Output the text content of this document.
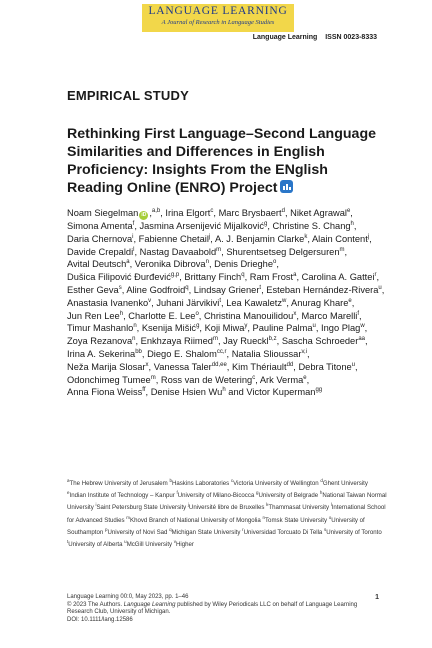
LANGUAGE LEARNING
A Journal of Research in Language Studies
Language Learning ISSN 0023-8333
EMPIRICAL STUDY
Rethinking First Language–Second Language Similarities and Differences in English Proficiency: Insights From the ENglish Reading Online (ENRO) Project
Noam Siegelman iD ,$^{a,b}$, Irina Elgort$^c$, Marc Brysbaert$^d$, Niket Agrawal$^e$, Simona Amenta$^f$, Jasmina Arsenijević Mijalković$^g$, Christine S. Chang$^h$, Daria Chernova$^i$, Fabienne Chetail$^j$, A. J. Benjamin Clarke$^k$, Alain Content$^j$, Davide Crepaldi$^l$, Nastag Davaabold$^m$, Shurentsetseg Delgersuren$^m$, Avital Deutsch$^a$, Veronika Dibrova$^n$, Denis Drieghe$^o$, Dušica Filipović Đurđević$^{g,p}$, Brittany Finch$^q$, Ram Frost$^a$, Carolina A. Gattei$^r$, Esther Geva$^s$, Aline Godfroid$^q$, Lindsay Griener$^t$, Esteban Hernández-Rivera$^u$, Anastasia Ivanenko$^v$, Juhani Järvikivi$^t$, Lea Kawaletz$^w$, Anurag Khare$^e$, Jun Ren Lee$^h$, Charlotte E. Lee$^o$, Christina Manouilidou$^x$, Marco Marelli$^f$, Timur Mashanlo$^n$, Ksenija Mišić$^g$, Koji Miwa$^y$, Pauline Palma$^u$, Ingo Plag$^w$, Zoya Rezanova$^n$, Enkhzaya Riimed$^m$, Jay Rueckl$^{b,z}$, Sascha Schroeder$^{aa}$, Irina A. Sekerina$^{bb}$, Diego E. Shalom$^{cc,r}$, Natalia Slioussar$^{v,i}$, Neža Marija Slosar$^x$, Vanessa Taler$^{dd,ee}$, Kim Thériault$^{dd}$, Debra Titone$^u$, Odonchimeg Tumee$^m$, Ross van de Wetering$^c$, Ark Verma$^e$, Anna Fiona Weiss$^{ff}$, Denise Hsien Wu$^h$ and Victor Kuperman$^{gg}$
$^a$The Hebrew University of Jerusalem $^b$Haskins Laboratories $^c$Victoria University of Wellington $^d$Ghent University $^e$Indian Institute of Technology – Kanpur $^f$University of Milano-Bicocca $^g$University of Belgrade $^h$National Taiwan Normal University $^i$Saint Petersburg State University $^j$Université libre de Bruxelles $^k$Thammasat University $^l$International School for Advanced Studies $^m$Khovd Branch of National University of Mongolia $^n$Tomsk State University $^o$University of Southampton $^p$University of Novi Sad $^q$Michigan State University $^r$Universidad Torcuato Di Tella $^s$University of Toronto $^t$University of Alberta $^u$McGill University $^v$Higher
Language Learning 00:0, May 2023, pp. 1–46	1
© 2023 The Authors. Language Learning published by Wiley Periodicals LLC on behalf of Language Learning Research Club, University of Michigan.
DOI: 10.1111/lang.12586
